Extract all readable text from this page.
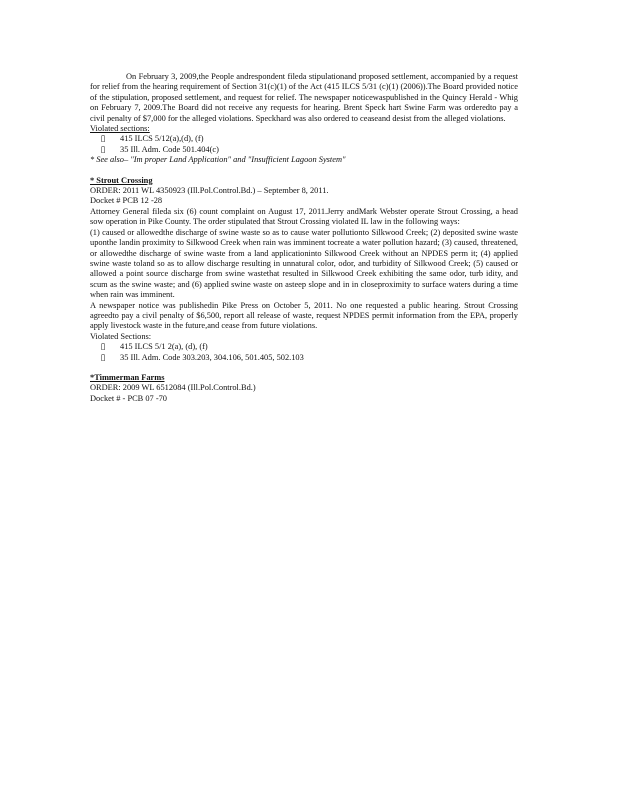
On February 3, 2009,the People andrespondent fileda stipulationand proposed settlement, accompanied by a request for relief from the hearing requirement of Section 31(c)(1) of the Act (415 ILCS 5/31 (c)(1) (2006)).The Board provided notice of the stipulation, proposed settlement, and request for relief. The newspaper noticewaspublished in the Quincy Herald - Whig on February 7, 2009.The Board did not receive any requests for hearing. Brent Speck hart Swine Farm was orderedto pay a civil penalty of $7,000 for the alleged violations. Speckhard was also ordered to ceaseand desist from the alleged violations.

Violated sections:
▯	415 ILCS 5/12(a),(d), (f)
▯	35 Ill. Adm. Code 501.404(c)
* See also– "Im proper Land Application" and "Insufficient Lagoon System"
* Strout Crossing
ORDER: 2011 WL 4350923 (Ill.Pol.Control.Bd.) – September 8, 2011.
Docket # PCB 12 -28

Attorney General fileda six (6) count complaint on August 17, 2011.Jerry andMark Webster operate Strout Crossing, a head sow operation in Pike County. The order stipulated that Strout Crossing violated IL law in the following ways:

(1) caused or allowedthe discharge of swine waste so as to cause water pollutionto Silkwood Creek; (2) deposited swine waste uponthe landin proximity to Silkwood Creek when rain was imminent tocreate a water pollution hazard; (3) caused, threatened, or allowedthe discharge of swine waste from a land applicationinto Silkwood Creek without an NPDES perm it; (4) applied swine waste toland so as to allow discharge resulting in unnatural color, odor, and turbidity of Silkwood Creek; (5) caused or allowed a point source discharge from swine wastethat resulted in Silkwood Creek exhibiting the same odor, turb idity, and scum as the swine waste; and (6) applied swine waste on asteep slope and in in closeproximity to surface waters during a time when rain was imminent.

A newspaper notice was publishedin Pike Press on October 5, 2011. No one requested a public hearing. Strout Crossing agreedto pay a civil penalty of $6,500, report all release of waste, request NPDES permit information from the EPA, properly apply livestock waste in the future,and cease from future violations.

Violated Sections:
▯	415 ILCS 5/1 2(a), (d), (f)
▯	35 Ill. Adm. Code 303.203, 304.106, 501.405, 502.103
*Timmerman Farms
ORDER: 2009 WL 6512084 (Ill.Pol.Control.Bd.)
Docket # - PCB 07 -70
